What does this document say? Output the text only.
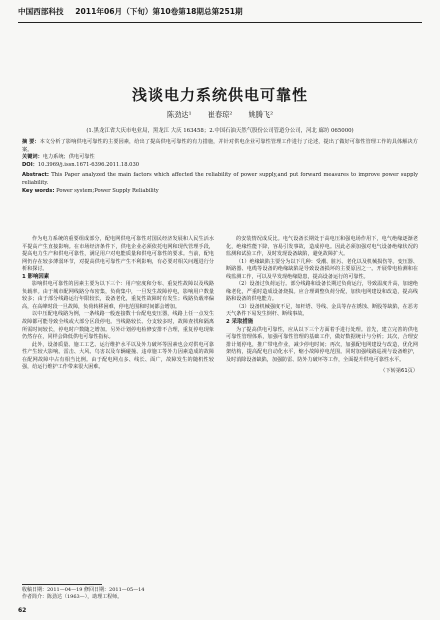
中国西部科技 2011年06月（下旬）第10卷第18期总第251期
浅谈电力系统供电可靠性
陈劲达¹ 崔春琼² 姚腾飞²
(1.黑龙江省大庆市电业局，黑龙江 大庆 163458；2.中国石油天然气股份公司管道分公司，河北 廊坊 065000)

摘 要：本文分析了影响供电可靠性的主要因素，给出了提高供电可靠性的有力措施，并针对供电企业可靠性管理工作进行了论述，提出了做好可靠性管理工作的具体解决方案。

关键词：电力系统；供电可靠性

DOI：10.3969/j.issn.1671-6396.2011.18.030

Abstract: This Paper analyzed the main factors which affected the reliability of power supply,and put forward measures to improve power supply reliability.

Key words: Power system;Power Supply Reliability

作为电力系统的重要组成部分，配电网供电可靠性对国民经济发展和人民生活水平提高产生直接影响。在市场经济条件下，供电企业必须依托电网和现代管理手段，提高电力生产和供电可靠性，满足用户对电能质量和供电可靠性的要求。当前，配电网仍存在较多薄弱环节，对提高供电可靠性产生不利影响，有必要对相关问题进行分析和探讨。

1 影响因素

影响供电可靠性的因素主要为以下三个：用户密度和分布、重复性故障以及线路负载率。由于城市配网线路分布密集，负荷集中，一旦发生故障停电，影响用户数量较多；由于部分线路运行年限较长，设备老化，重复性故障时有发生；线路负载率偏高，在高峰时段一旦故障，负荷转移困难，停电范围和时间都会增加。

以中压配电线路为例，一条线路一般连接数十台配电变压器，线路上任一点发生故障都可能导致全线或大部分区段停电。当线路较长、分支较多时，故障查找和隔离所需时间较长，停电时户数随之增加。另外计划停电检修安排不合理，重复停电现象仍然存在，同样会降低供电可靠性指标。

此外，设备质量、施工工艺、运行维护水平以及外力破坏等因素也会对供电可靠性产生较大影响。雷击、大风、鸟害以及车辆碰撞、违章施工等外力因素造成的故障在配网故障中占有相当比例。由于配电网点多、线长、面广，故障发生的随机性较强，给运行维护工作带来很大困难。

的安装情况成反比。电气设备长期处于高电压和强电场作用下，电气绝缘逐渐老化，绝缘性能下降，容易引发事故，造成停电。因此必须加强对电气设备绝缘状况的监测和试验工作，及时发现设备缺陷，避免故障扩大。

（1）绝缘缺陷主要分为以下几种：受潮、脏污、老化以及机械损伤等。变压器、断路器、电缆等设备的绝缘缺陷是导致设备损坏的主要原因之一。开展带电检测和在线监测工作，可以及早发现绝缘隐患，提高设备运行的可靠性。

（2）设备过负荷运行。部分线路和设备长期过负荷运行，导致温度升高，加速绝缘老化，严重时造成设备烧损。应合理调整负荷分配，加快电网建设和改造，提高线路和设备的供电能力。

（3）设备机械强度不足，如杆塔、导线、金具等存在锈蚀、断股等缺陷，在恶劣天气条件下易发生倒杆、断线事故。

2 采取措施

为了提高供电可靠性，应从以下三个方面着手进行处理。首先，建立完善的供电可靠性管理体系，加强可靠性管理的基础工作，做好数据统计与分析；其次，合理安排计划停电，推广带电作业，减少停电时间；再次，加强配电网建设与改造，优化网架结构，提高配电自动化水平，缩小故障停电范围。同时加强线路巡视与设备维护，及时消除设备缺陷，加强防雷、防外力破坏等工作，全面提升供电可靠性水平。

（下转第61页）
收稿日期：2011—04—19 修回日期：2011—05—14
作者简介：陈劲达（1963—），助理工程师。
62
